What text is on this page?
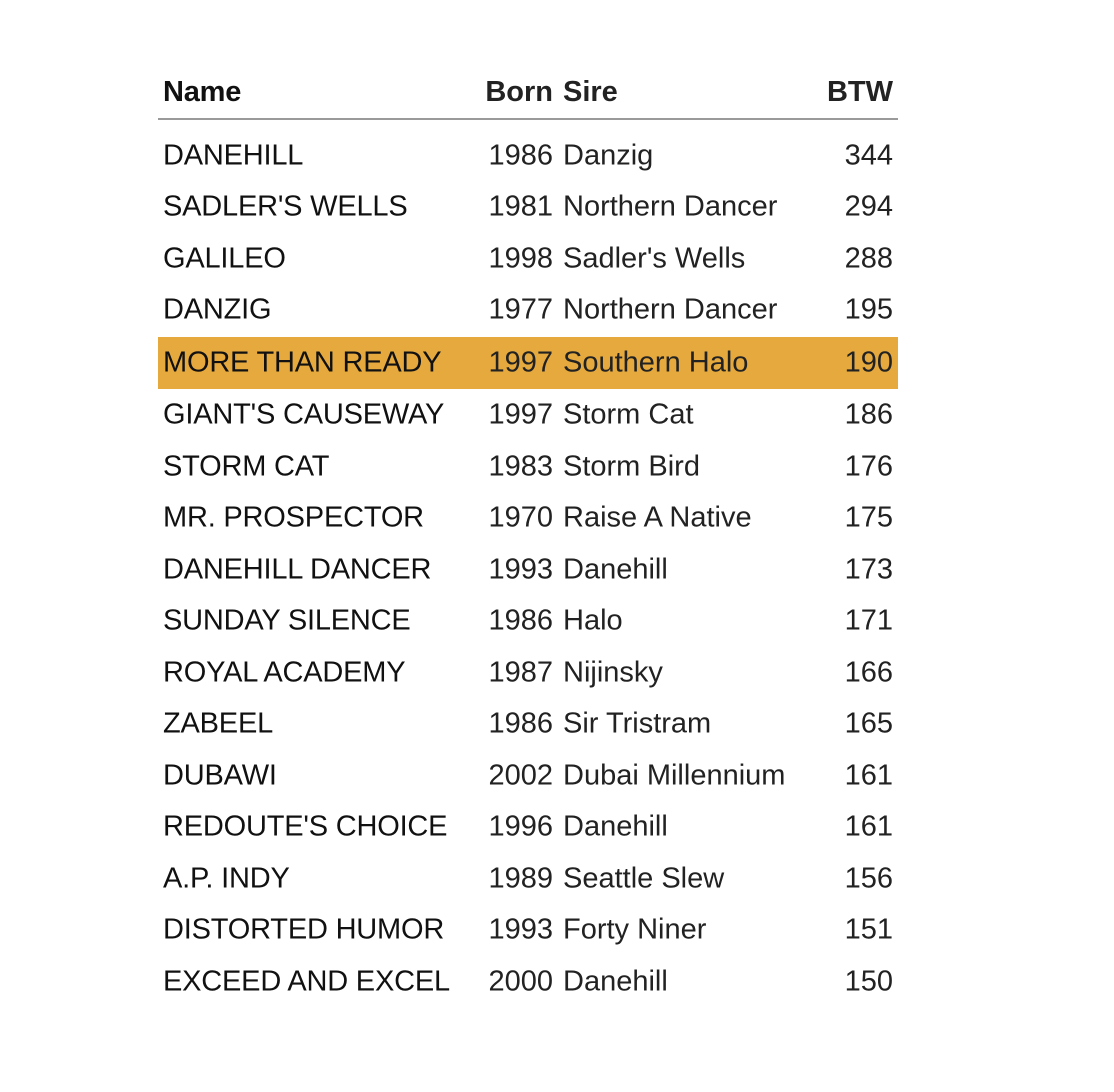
Name	Born Sire	BTW
DANEHILL	1986 Danzig	344
SADLER'S WELLS	1981 Northern Dancer 294
GALILEO	1998 Sadler's Wells	288
DANZIG	1977 Northern Dancer 195
MORE THAN READY 1997 Southern Halo	190
GIANT'S CAUSEWAY 1997 Storm Cat	186
STORM CAT	1983 Storm Bird	176
MR. PROSPECTOR 1970 Raise A Native	175
DANEHILL DANCER 1993 Danehill	173
SUNDAY SILENCE	1986 Halo	171
ROYAL ACADEMY	1987 Nijinsky	166
ZABEEL	1986 Sir Tristram	165
DUBAWI	2002 Dubai Millennium 161
REDOUTE'S CHOICE 1996 Danehill	161
A.P. INDY	1989 Seattle Slew	156
DISTORTED HUMOR 1993 Forty Niner	151
EXCEED AND EXCEL 2000 Danehill	150
